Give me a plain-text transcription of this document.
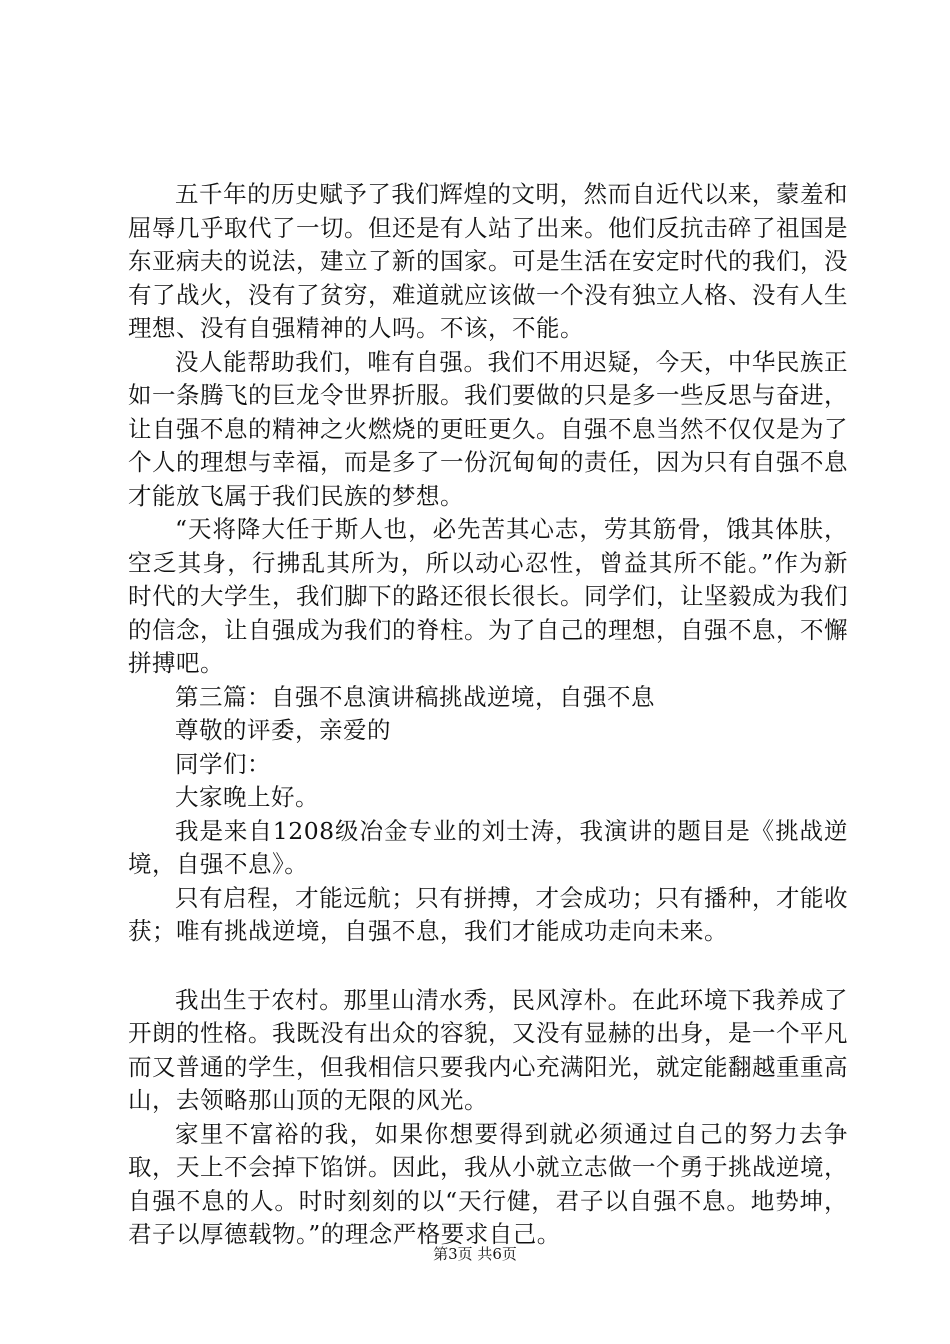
五千年的历史赋予了我们辉煌的文明，然而自近代以来，蒙羞和屈辱几乎取代了一切。但还是有人站了出来。他们反抗击碎了祖国是东亚病夫的说法，建立了新的国家。可是生活在安定时代的我们，没有了战火，没有了贫穷，难道就应该做一个没有独立人格、没有人生理想、没有自强精神的人吗。不该，不能。

没人能帮助我们，唯有自强。我们不用迟疑，今天，中华民族正如一条腾飞的巨龙令世界折服。我们要做的只是多一些反思与奋进，让自强不息的精神之火燃烧的更旺更久。自强不息当然不仅仅是为了个人的理想与幸福，而是多了一份沉甸甸的责任，因为只有自强不息才能放飞属于我们民族的梦想。

“天将降大任于斯人也，必先苦其心志，劳其筋骨，饿其体肤，空乏其身，行拂乱其所为，所以动心忍性，曾益其所不能。”作为新时代的大学生，我们脚下的路还很长很长。同学们，让坚毅成为我们的信念，让自强成为我们的脊柱。为了自己的理想，自强不息，不懈拼搏吧。

第三篇：自强不息演讲稿挑战逆境，自强不息

尊敬的评委，亲爱的

同学们：

大家晚上好。

我是来自1208级冶金专业的刘士涛，我演讲的题目是《挑战逆境，自强不息》。

只有启程，才能远航；只有拼搏，才会成功；只有播种，才能收获；唯有挑战逆境，自强不息，我们才能成功走向未来。

我出生于农村。那里山清水秀，民风淳朴。在此环境下我养成了开朗的性格。我既没有出众的容貌，又没有显赫的出身，是一个平凡而又普通的学生，但我相信只要我内心充满阳光，就定能翻越重重高山，去领略那山顶的无限的风光。

家里不富裕的我，如果你想要得到就必须通过自己的努力去争取，天上不会掉下馅饼。因此，我从小就立志做一个勇于挑战逆境，自强不息的人。时时刻刻的以“天行健，君子以自强不息。地势坤，君子以厚德载物。”的理念严格要求自己。

第3页 共6页
